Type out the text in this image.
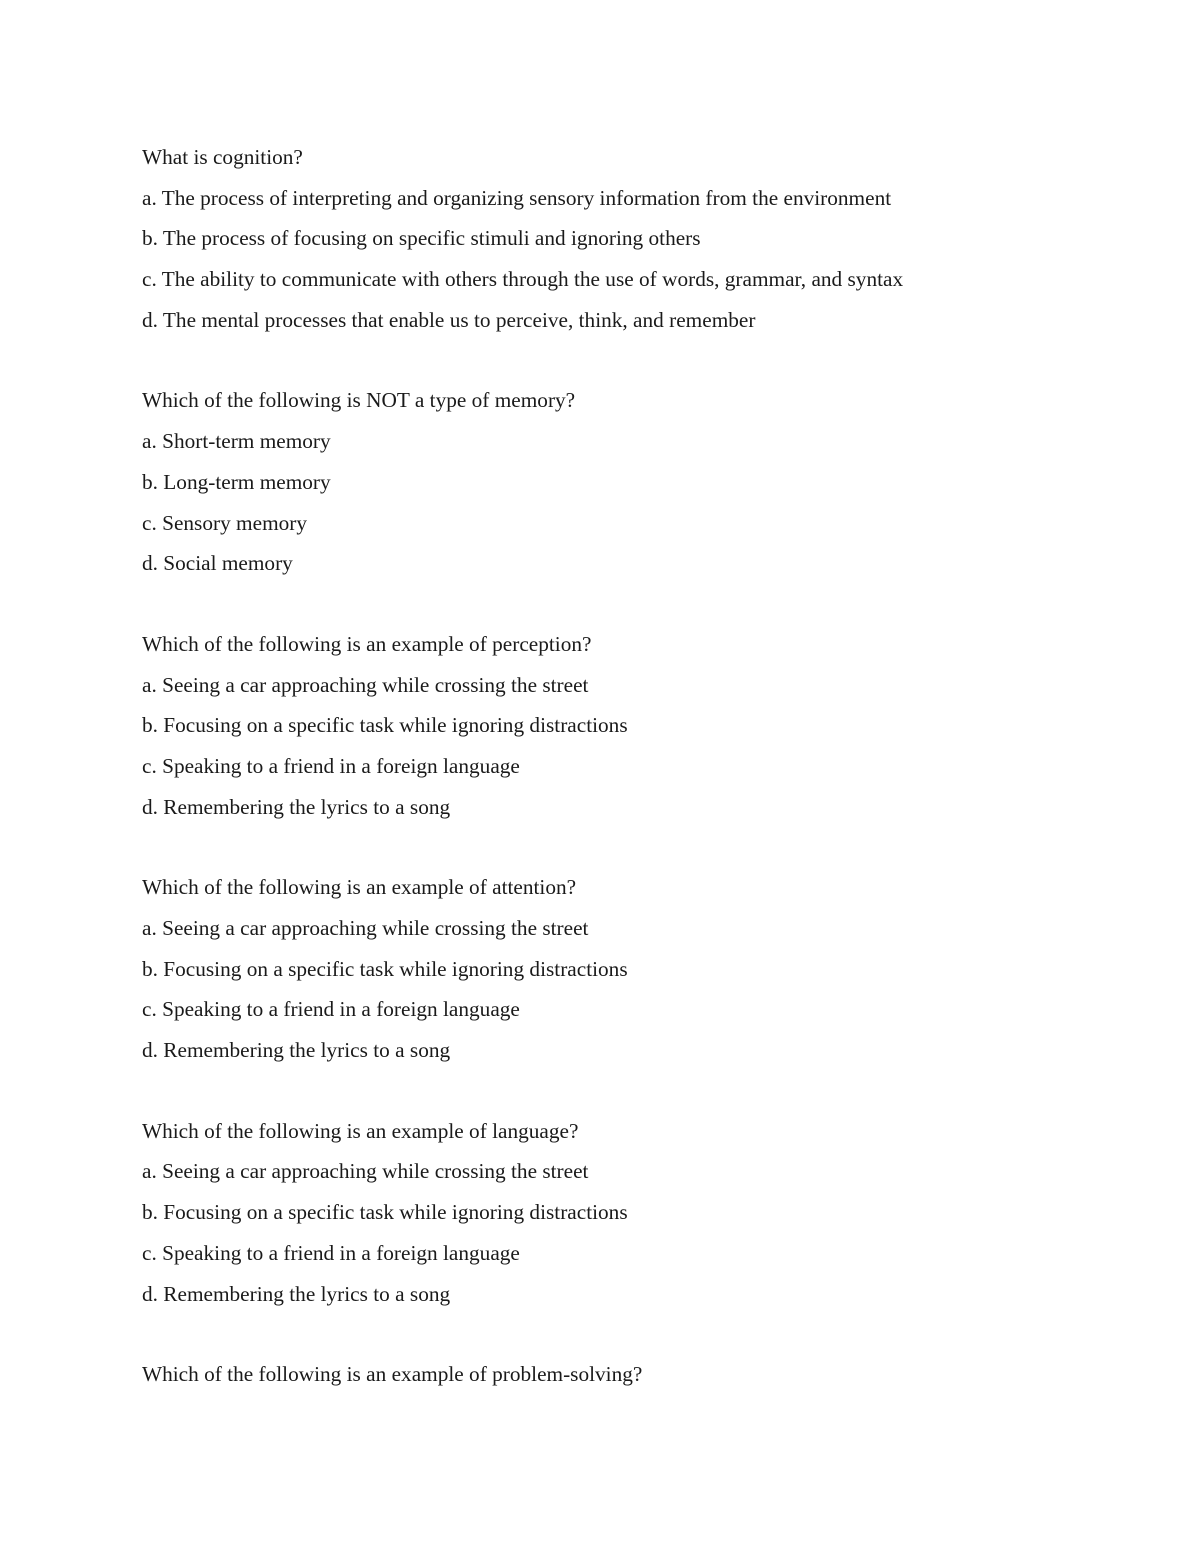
What is cognition?
a. The process of interpreting and organizing sensory information from the environment
b. The process of focusing on specific stimuli and ignoring others
c. The ability to communicate with others through the use of words, grammar, and syntax
d. The mental processes that enable us to perceive, think, and remember
Which of the following is NOT a type of memory?
a. Short-term memory
b. Long-term memory
c. Sensory memory
d. Social memory
Which of the following is an example of perception?
a. Seeing a car approaching while crossing the street
b. Focusing on a specific task while ignoring distractions
c. Speaking to a friend in a foreign language
d. Remembering the lyrics to a song
Which of the following is an example of attention?
a. Seeing a car approaching while crossing the street
b. Focusing on a specific task while ignoring distractions
c. Speaking to a friend in a foreign language
d. Remembering the lyrics to a song
Which of the following is an example of language?
a. Seeing a car approaching while crossing the street
b. Focusing on a specific task while ignoring distractions
c. Speaking to a friend in a foreign language
d. Remembering the lyrics to a song
Which of the following is an example of problem-solving?
